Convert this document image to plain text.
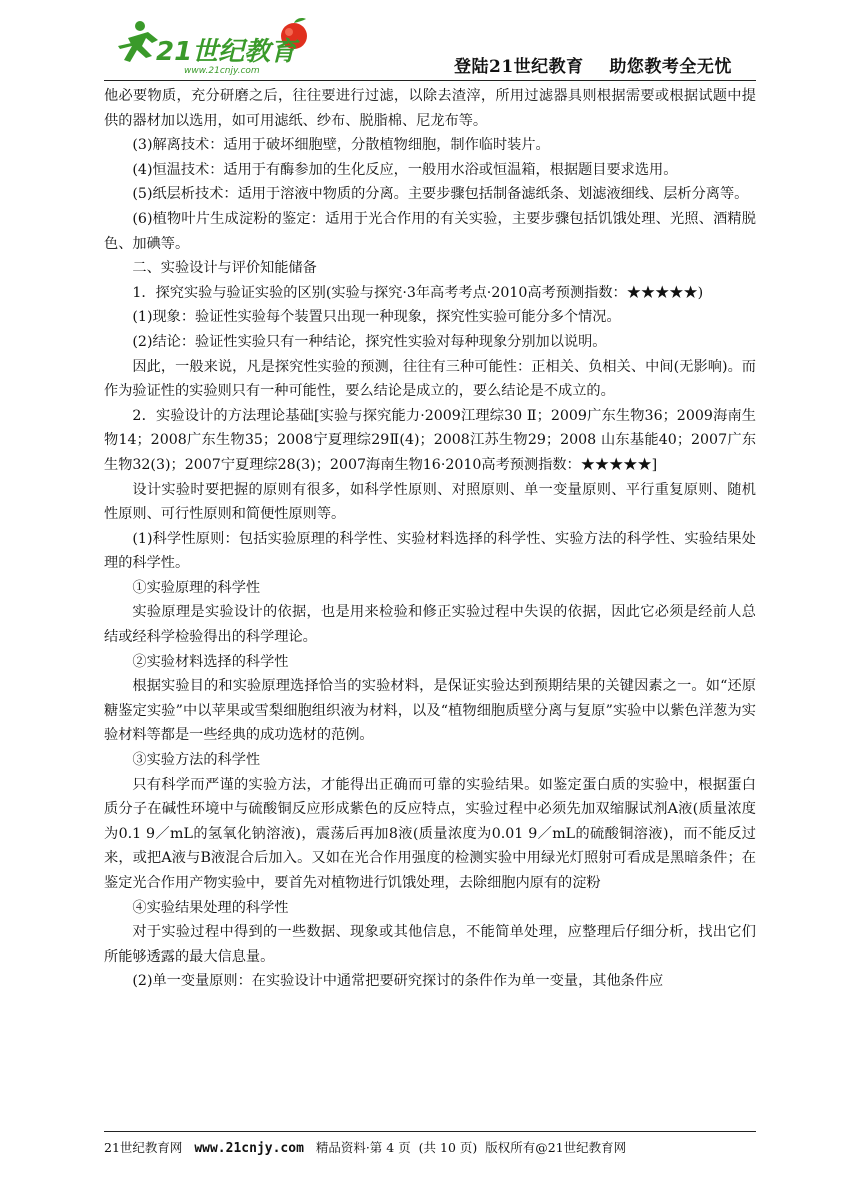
21世纪教育
www.21cnjy.com	登陆21世纪教育    助您教考全无忧

他必要物质，充分研磨之后，往往要进行过滤，以除去渣滓，所用过滤器具则根据需要或根据试题中提供的器材加以选用，如可用滤纸、纱布、脱脂棉、尼龙布等。

(3)解离技术：适用于破坏细胞壁，分散植物细胞，制作临时装片。

(4)恒温技术：适用于有酶参加的生化反应，一般用水浴或恒温箱，根据题目要求选用。

(5)纸层析技术：适用于溶液中物质的分离。主要步骤包括制备滤纸条、划滤液细线、层析分离等。

(6)植物叶片生成淀粉的鉴定：适用于光合作用的有关实验，主要步骤包括饥饿处理、光照、酒精脱色、加碘等。

二、实验设计与评价知能储备

1．探究实验与验证实验的区别(实验与探究·3年高考考点·2010高考预测指数：★★★★★)

(1)现象：验证性实验每个装置只出现一种现象，探究性实验可能分多个情况。

(2)结论：验证性实验只有一种结论，探究性实验对每种现象分别加以说明。

因此，一般来说，凡是探究性实验的预测，往往有三种可能性：正相关、负相关、中间(无影响)。而作为验证性的实验则只有一种可能性，要么结论是成立的，要么结论是不成立的。

2．实验设计的方法理论基础[实验与探究能力·2009江理综30 Ⅱ；2009广东生物36；2009海南生物14；2008广东生物35；2008宁夏理综29Ⅱ(4)；2008江苏生物29；2008 山东基能40；2007广东生物32(3)；2007宁夏理综28(3)；2007海南生物16·2010高考预测指数：★★★★★]

设计实验时要把握的原则有很多，如科学性原则、对照原则、单一变量原则、平行重复原则、随机性原则、可行性原则和简便性原则等。

(1)科学性原则：包括实验原理的科学性、实验材料选择的科学性、实验方法的科学性、实验结果处理的科学性。

①实验原理的科学性

实验原理是实验设计的依据，也是用来检验和修正实验过程中失误的依据，因此它必须是经前人总结或经科学检验得出的科学理论。

②实验材料选择的科学性

根据实验目的和实验原理选择恰当的实验材料，是保证实验达到预期结果的关键因素之一。如“还原糖鉴定实验”中以苹果或雪梨细胞组织液为材料，以及“植物细胞质壁分离与复原”实验中以紫色洋葱为实验材料等都是一些经典的成功选材的范例。

③实验方法的科学性

只有科学而严谨的实验方法，才能得出正确而可靠的实验结果。如鉴定蛋白质的实验中，根据蛋白质分子在碱性环境中与硫酸铜反应形成紫色的反应特点，实验过程中必须先加双缩脲试剂A液(质量浓度为0.1 9／mL的氢氧化钠溶液)，震荡后再加8液(质量浓度为0.01 9／mL的硫酸铜溶液)，而不能反过来，或把A液与B液混合后加入。又如在光合作用强度的检测实验中用绿光灯照射可看成是黑暗条件；在鉴定光合作用产物实验中，要首先对植物进行饥饿处理，去除细胞内原有的淀粉

④实验结果处理的科学性

对于实验过程中得到的一些数据、现象或其他信息，不能简单处理，应整理后仔细分析，找出它们所能够透露的最大信息量。

(2)单一变量原则：在实验设计中通常把要研究探讨的条件作为单一变量，其他条件应

21世纪教育网   www.21cnjy.com   精品资料·第 4 页  (共 10 页)  版权所有@21世纪教育网
